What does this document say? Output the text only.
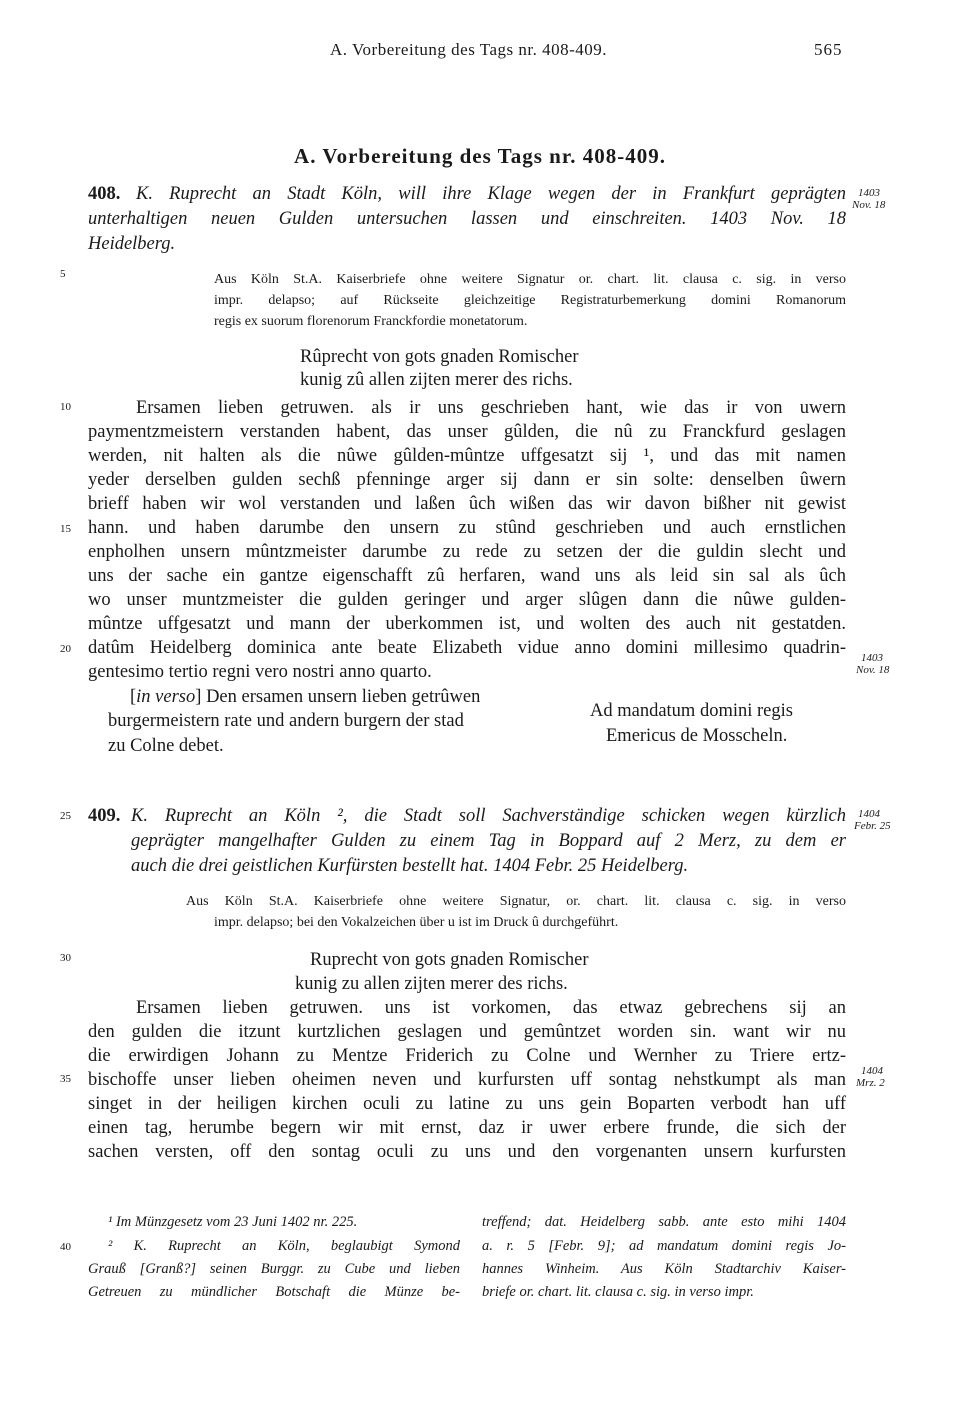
A. Vorbereitung des Tags nr. 408-409.	565
A. Vorbereitung des Tags nr. 408-409.
5
10
15
20
25
30
35
40
408. K. Ruprecht an Stadt Köln, will ihre Klage wegen der in Frankfurt geprägten
unterhaltigen neuen Gulden untersuchen lassen und einschreiten. 1403 Nov. 18
Heidelberg.
1403
Nov. 18
Aus Köln St.A. Kaiserbriefe ohne weitere Signatur or. chart. lit. clausa c. sig. in verso
impr. delapso; auf Rückseite gleichzeitige Registraturbemerkung domini Romanorum
regis ex suorum florenorum Franckfordie monetatorum.
Rûprecht von gots gnaden Romischer
kunig zû allen zijten merer des richs.
Ersamen lieben getruwen. als ir uns geschrieben hant, wie das ir von uwern
paymentzmeistern verstanden habent, das unser gûlden, die nû zu Franckfurd geslagen
werden, nit halten als die nûwe gûlden-mûntze uffgesatzt sij ¹, und das mit namen
yeder derselben gulden sechß pfenninge arger sij dann er sin solte: denselben ûwern
brieff haben wir wol verstanden und laßen ûch wißen das wir davon bißher nit gewist
hann. und haben darumbe den unsern zu stûnd geschrieben und auch ernstlichen
enpholhen unsern mûntzmeister darumbe zu rede zu setzen der die guldin slecht und
uns der sache ein gantze eigenschafft zû herfaren, wand uns als leid sin sal als ûch
wo unser muntzmeister die gulden geringer und arger slûgen dann die nûwe gulden-
mûntze uffgesatzt und mann der uberkommen ist, und wolten des auch nit gestatden.
datûm Heidelberg dominica ante beate Elizabeth vidue anno domini millesimo quadrin-
gentesimo tertio regni vero nostri anno quarto.
1403
Nov. 18
[in verso] Den ersamen unsern lieben getrûwen
burgermeistern rate und andern burgern der stad
zu Colne debet.
Ad mandatum domini regis
Emericus de Mosscheln.
409. K. Ruprecht an Köln ², die Stadt soll Sachverständige schicken wegen kürzlich
geprägter mangelhafter Gulden zu einem Tag in Boppard auf 2 Merz, zu dem er
auch die drei geistlichen Kurfürsten bestellt hat. 1404 Febr. 25 Heidelberg.
1404
Febr. 25
Aus Köln St.A. Kaiserbriefe ohne weitere Signatur, or. chart. lit. clausa c. sig. in verso
impr. delapso; bei den Vokalzeichen über u ist im Druck û durchgeführt.
Ruprecht von gots gnaden Romischer
kunig zu allen zijten merer des richs.
Ersamen lieben getruwen. uns ist vorkomen, das etwaz gebrechens sij an
den gulden die itzunt kurtzlichen geslagen und gemûntzet worden sin. want wir nu
die erwirdigen Johann zu Mentze Friderich zu Colne und Wernher zu Triere ertz-
bischoffe unser lieben oheimen neven und kurfursten uff sontag nehstkumpt als man
singet in der heiligen kirchen oculi zu latine zu uns gein Boparten verbodt han uff
einen tag, herumbe begern wir mit ernst, daz ir uwer erbere frunde, die sich der
sachen versten, off den sontag oculi zu uns und den vorgenanten unsern kurfursten
1404
Mrz. 2
¹ Im Münzgesetz vom 23 Juni 1402 nr. 225.
² K. Ruprecht an Köln, beglaubigt Symond
Grauß [Granß?] seinen Burggr. zu Cube und lieben
Getreuen zu mündlicher Botschaft die Münze be-
treffend; dat. Heidelberg sabb. ante esto mihi 1404
a. r. 5 [Febr. 9]; ad mandatum domini regis Jo-
hannes Winheim. Aus Köln Stadtarchiv Kaiser-
briefe or. chart. lit. clausa c. sig. in verso impr.
